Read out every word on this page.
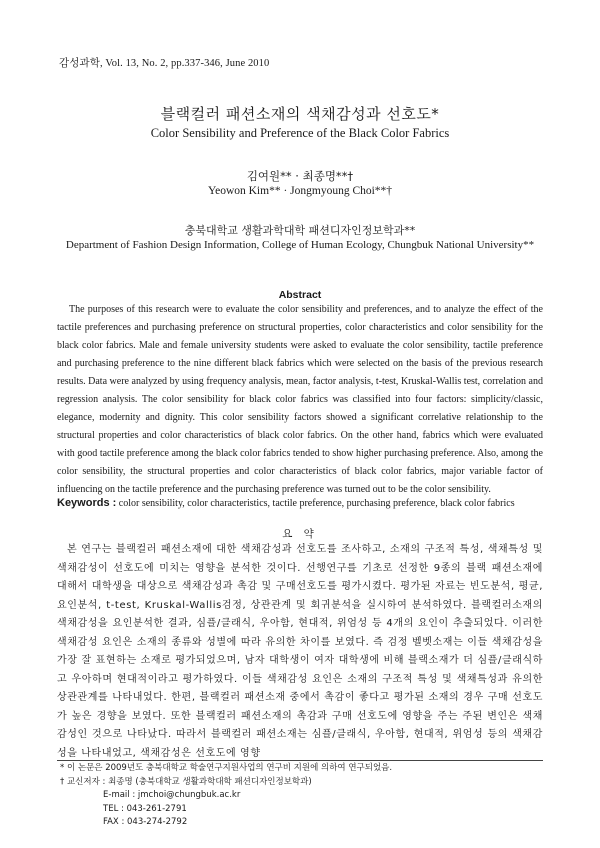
감성과학, Vol. 13, No. 2, pp.337-346, June 2010
블랙컬러 패션소재의 색채감성과 선호도*
Color Sensibility and Preference of the Black Color Fabrics
김여원** · 최종명**†
Yeowon Kim** · Jongmyoung Choi**†
충북대학교 생활과학대학 패션디자인정보학과**
Department of Fashion Design Information, College of Human Ecology, Chungbuk National University**
Abstract
The purposes of this research were to evaluate the color sensibility and preferences, and to analyze the effect of the tactile preferences and purchasing preference on structural properties, color characteristics and color sensibility for the black color fabrics. Male and female university students were asked to evaluate the color sensibility, tactile preference and purchasing preference to the nine different black fabrics which were selected on the basis of the previous research results. Data were analyzed by using frequency analysis, mean, factor analysis, t-test, Kruskal-Wallis test, correlation and regression analysis. The color sensibility for black color fabrics was classified into four factors: simplicity/classic, elegance, modernity and dignity. This color sensibility factors showed a significant correlative relationship to the structural properties and color characteristics of black color fabrics. On the other hand, fabrics which were evaluated with good tactile preference among the black color fabrics tended to show higher purchasing preference. Also, among the color sensibility, the structural properties and color characteristics of black color fabrics, major variable factor of influencing on the tactile preference and the purchasing preference was turned out to be the color sensibility.
Keywords : color sensibility, color characteristics, tactile preference, purchasing preference, black color fabrics
요 약
본 연구는 블랙컬러 패션소재에 대한 색채감성과 선호도를 조사하고, 소재의 구조적 특성, 색채특성 및 색채감성이 선호도에 미치는 영향을 분석한 것이다. 선행연구를 기초로 선정한 9종의 블랙 패션소재에 대해서 대학생을 대상으로 색채감성과 촉감 및 구매선호도를 평가시켰다. 평가된 자료는 빈도분석, 평균, 요인분석, t-test, Kruskal-Wallis검정, 상관관계 및 회귀분석을 실시하여 분석하였다. 블랙컬러소재의 색채감성을 요인분석한 결과, 심플/클래식, 우아함, 현대적, 위엄성 등 4개의 요인이 추출되었다. 이러한 색채감성 요인은 소재의 종류와 성별에 따라 유의한 차이를 보였다. 즉 검정 벨벳소재는 이들 색채감성을 가장 잘 표현하는 소재로 평가되었으며, 남자 대학생이 여자 대학생에 비해 블랙소재가 더 심플/클래식하고 우아하며 현대적이라고 평가하였다. 이들 색채감성 요인은 소재의 구조적 특성 및 색채특성과 유의한 상관관계를 나타내었다. 한편, 블랙컬러 패션소재 중에서 촉감이 좋다고 평가된 소재의 경우 구매 선호도가 높은 경향을 보였다. 또한 블랙컬러 패션소재의 촉감과 구매 선호도에 영향을 주는 주된 변인은 색채감성인 것으로 나타났다. 따라서 블랙컬러 패션소재는 심플/클래식, 우아함, 현대적, 위엄성 등의 색채감성을 나타내었고, 색채감성은 선호도에 영향
* 이 논문은 2009년도 충북대학교 학술연구지원사업의 연구비 지원에 의하여 연구되었음.
† 교신저자 : 최종명 (충북대학교 생활과학대학 패션디자인정보학과)
E-mail : jmchoi@chungbuk.ac.kr
TEL : 043-261-2791
FAX : 043-274-2792
